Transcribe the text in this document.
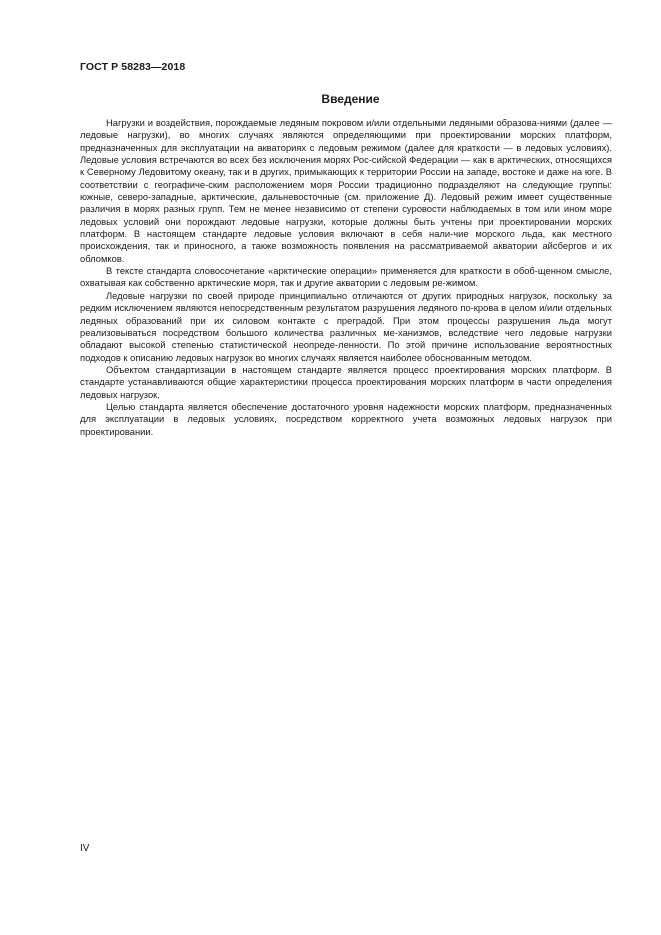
ГОСТ Р 58283—2018
Введение

Нагрузки и воздействия, порождаемые ледяным покровом и/или отдельными ледяными образова-ниями (далее — ледовые нагрузки), во многих случаях являются определяющими при проектировании морских платформ, предназначенных для эксплуатации на акваториях с ледовым режимом (далее для краткости — в ледовых условиях). Ледовые условия встречаются во всех без исключения морях Рос-сийской Федерации — как в арктических, относящихся к Северному Ледовитому океану, так и в других, примыкающих к территории России на западе, востоке и даже на юге. В соответствии с географиче-ским расположением моря России традиционно подразделяют на следующие группы: южные, северо-западные, арктические, дальневосточные (см. приложение Д). Ледовый режим имеет существенные различия в морях разных групп. Тем не менее независимо от степени суровости наблюдаемых в том или ином море ледовых условий они порождают ледовые нагрузки, которые должны быть учтены при проектировании морских платформ. В настоящем стандарте ледовые условия включают в себя нали-чие морского льда, как местного происхождения, так и приносного, а также возможность появления на рассматриваемой акватории айсбергов и их обломков.

В тексте стандарта словосочетание «арктические операции» применяется для краткости в обоб-щенном смысле, охватывая как собственно арктические моря, так и другие акватории с ледовым ре-жимом.

Ледовые нагрузки по своей природе принципиально отличаются от других природных нагрузок, поскольку за редким исключением являются непосредственным результатом разрушения ледяного по-крова в целом и/или отдельных ледяных образований при их силовом контакте с преградой. При этом процессы разрушения льда могут реализовываться посредством большого количества различных ме-ханизмов, вследствие чего ледовые нагрузки обладают высокой степенью статистической неопреде-ленности. По этой причине использование вероятностных подходов к описанию ледовых нагрузок во многих случаях является наиболее обоснованным методом.

Объектом стандартизации в настоящем стандарте является процесс проектирования морских платформ. В стандарте устанавливаются общие характеристики процесса проектирования морских платформ в части определения ледовых нагрузок.

Целью стандарта является обеспечение достаточного уровня надежности морских платформ, предназначенных для эксплуатации в ледовых условиях, посредством корректного учета возможных ледовых нагрузок при проектировании.

IV
